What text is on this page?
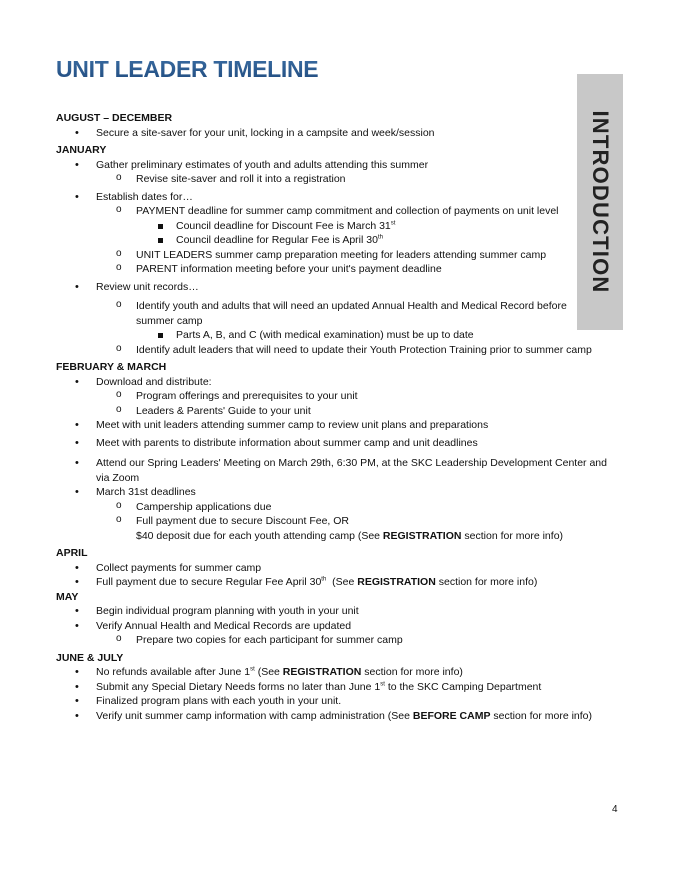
UNIT LEADER TIMELINE
INTRODUCTION

AUGUST – DECEMBER

• Secure a site-saver for your unit, locking in a campsite and week/session

JANUARY

• Gather preliminary estimates of youth and adults attending this summer
o Revise site-saver and roll it into a registration
• Establish dates for…
o PAYMENT deadline for summer camp commitment and collection of payments on unit level
Council deadline for Discount Fee is March 31st
Council deadline for Regular Fee is April 30th
o UNIT LEADERS summer camp preparation meeting for leaders attending summer camp
o PARENT information meeting before your unit's payment deadline
• Review unit records…
o Identify youth and adults that will need an updated Annual Health and Medical Record before summer camp
Parts A, B, and C (with medical examination) must be up to date
o Identify adult leaders that will need to update their Youth Protection Training prior to summer camp

FEBRUARY & MARCH

• Download and distribute:
o Program offerings and prerequisites to your unit
o Leaders & Parents' Guide to your unit
• Meet with unit leaders attending summer camp to review unit plans and preparations
• Meet with parents to distribute information about summer camp and unit deadlines
• Attend our Spring Leaders' Meeting on March 29th, 6:30 PM, at the SKC Leadership Development Center and via Zoom
• March 31st deadlines
o Campership applications due
o Full payment due to secure Discount Fee, OR
$40 deposit due for each youth attending camp (See REGISTRATION section for more info)

APRIL

• Collect payments for summer camp
• Full payment due to secure Regular Fee April 30th  (See REGISTRATION section for more info)

MAY

• Begin individual program planning with youth in your unit
• Verify Annual Health and Medical Records are updated
o Prepare two copies for each participant for summer camp

JUNE & JULY

• No refunds available after June 1st (See REGISTRATION section for more info)
• Submit any Special Dietary Needs forms no later than June 1st to the SKC Camping Department
• Finalized program plans with each youth in your unit.
• Verify unit summer camp information with camp administration (See BEFORE CAMP section for more info)
4
